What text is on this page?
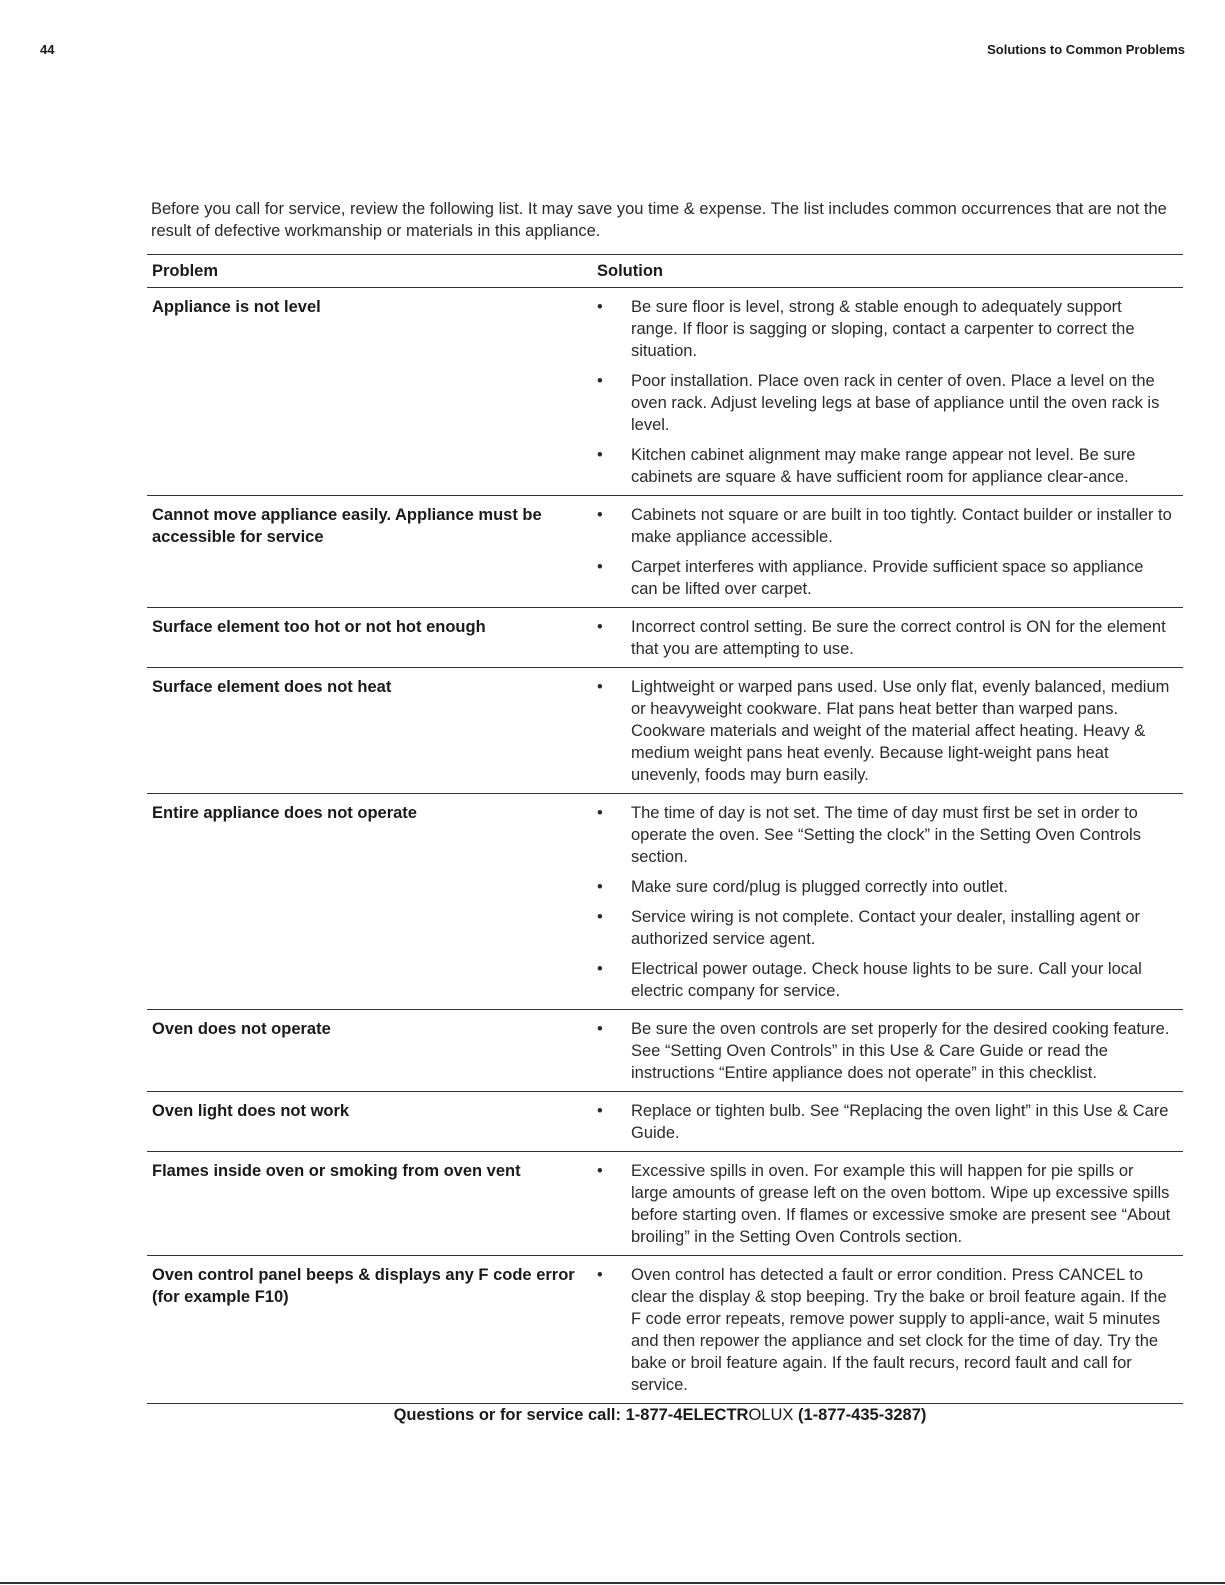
44	Solutions to Common Problems

Before you call for service, review the following list. It may save you time & expense. The list includes common occurrences that are not the result of defective workmanship or materials in this appliance.

Problem	Solution
Appliance is not level	•	Be sure floor is level, strong & stable enough to adequately support range. If floor is sagging or sloping, contact a carpenter to correct the situation.
•	Poor installation. Place oven rack in center of oven. Place a level on the oven rack. Adjust leveling legs at base of appliance until the oven rack is level.
•	Kitchen cabinet alignment may make range appear not level. Be sure cabinets are square & have sufficient room for appliance clear-ance.
Cannot move appliance easily. Appliance must be accessible for service
•	Cabinets not square or are built in too tightly. Contact builder or installer to make appliance accessible.
•	Carpet interferes with appliance. Provide sufficient space so appliance can be lifted over carpet.
Surface element too hot or not hot enough	•	Incorrect control setting. Be sure the correct control is ON for the element that you are attempting to use.
Surface element does not heat	•	Lightweight or warped pans used. Use only flat, evenly balanced, medium or heavyweight cookware. Flat pans heat better than warped pans. Cookware materials and weight of the material affect heating. Heavy & medium weight pans heat evenly. Because light-weight pans heat unevenly, foods may burn easily.
Entire appliance does not operate	•	The time of day is not set. The time of day must first be set in order to operate the oven. See “Setting the clock” in the Setting Oven Controls section.
•	Make sure cord/plug is plugged correctly into outlet.
•	Service wiring is not complete. Contact your dealer, installing agent or authorized service agent.
•	Electrical power outage. Check house lights to be sure. Call your local electric company for service.
Oven does not operate	•	Be sure the oven controls are set properly for the desired cooking feature. See “Setting Oven Controls” in this Use & Care Guide or read the instructions “Entire appliance does not operate” in this checklist.
Oven light does not work	•	Replace or tighten bulb. See “Replacing the oven light” in this Use & Care Guide.
Flames inside oven or smoking from oven vent	•	Excessive spills in oven. For example this will happen for pie spills or large amounts of grease left on the oven bottom. Wipe up excessive spills before starting oven. If flames or excessive smoke are present see “About broiling” in the Setting Oven Controls section.
Oven control panel beeps & displays any F code error (for example F10)
•	Oven control has detected a fault or error condition. Press CANCEL to clear the display & stop beeping. Try the bake or broil feature again. If the F code error repeats, remove power supply to appli-ance, wait 5 minutes and then repower the appliance and set clock for the time of day. Try the bake or broil feature again. If the fault recurs, record fault and call for service.
Questions or for service call: 1-877-4ELECTROLUX (1-877-435-3287)
